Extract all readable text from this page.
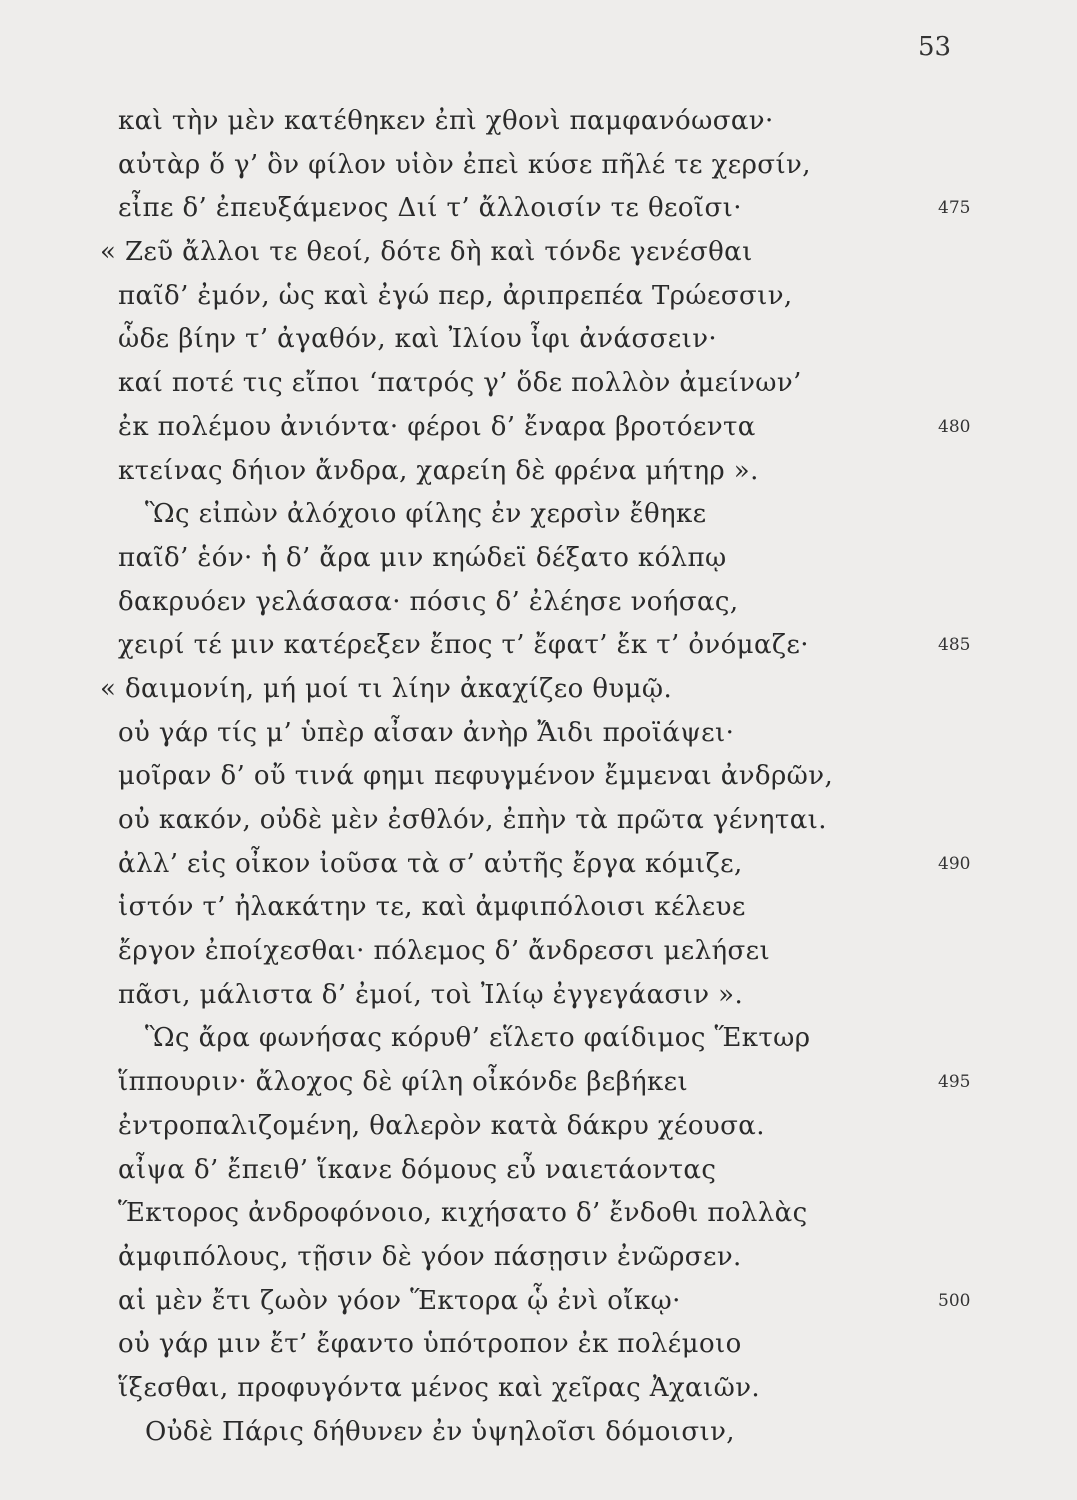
53
καὶ τὴν μὲν κατέθηκεν ἐπὶ χθονὶ παμφανόωσαν·
αὐτὰρ ὅ γ’ ὃν φίλον υἱὸν ἐπεὶ κύσε πῆλέ τε χερσίν,
εἶπε δ’ ἐπευξάμενος Διί τ’ ἄλλοισίν τε θεοῖσι·	475
« Ζεῦ ἄλλοι τε θεοί, δότε δὴ καὶ τόνδε γενέσθαι
παῖδ’ ἐμόν, ὡς καὶ ἐγώ περ, ἀριπρεπέα Τρώεσσιν,
ὧδε βίην τ’ ἀγαθόν, καὶ Ἰλίου ἶφι ἀνάσσειν·
καί ποτέ τις εἴποι ‘πατρός γ’ ὅδε πολλὸν ἀμείνων’
ἐκ πολέμου ἀνιόντα· φέροι δ’ ἔναρα βροτόεντα	480
κτείνας δήιον ἄνδρα, χαρείη δὲ φρένα μήτηρ ».
Ὣς εἰπὼν ἀλόχοιο φίλης ἐν χερσὶν ἔθηκε
παῖδ’ ἑόν· ἡ δ’ ἄρα μιν κηώδεϊ δέξατο κόλπῳ
δακρυόεν γελάσασα· πόσις δ’ ἐλέησε νοήσας,
χειρί τέ μιν κατέρεξεν ἔπος τ’ ἔφατ’ ἔκ τ’ ὀνόμαζε·	485
« δαιμονίη, μή μοί τι λίην ἀκαχίζεο θυμῷ.
οὐ γάρ τίς μ’ ὑπὲρ αἶσαν ἀνὴρ Ἄιδι προϊάψει·
μοῖραν δ’ οὔ τινά φημι πεφυγμένον ἔμμεναι ἀνδρῶν,
οὐ κακόν, οὐδὲ μὲν ἐσθλόν, ἐπὴν τὰ πρῶτα γένηται.
ἀλλ’ εἰς οἶκον ἰοῦσα τὰ σ’ αὐτῆς ἔργα κόμιζε,	490
ἱστόν τ’ ἠλακάτην τε, καὶ ἀμφιπόλοισι κέλευε
ἔργον ἐποίχεσθαι· πόλεμος δ’ ἄνδρεσσι μελήσει
πᾶσι, μάλιστα δ’ ἐμοί, τοὶ Ἰλίῳ ἐγγεγάασιν ».
Ὣς ἄρα φωνήσας κόρυθ’ εἵλετο φαίδιμος Ἕκτωρ
ἵππουριν· ἄλοχος δὲ φίλη οἶκόνδε βεβήκει	495
ἐντροπαλιζομένη, θαλερὸν κατὰ δάκρυ χέουσα.
αἶψα δ’ ἔπειθ’ ἵκανε δόμους εὖ ναιετάοντας
Ἕκτορος ἀνδροφόνοιο, κιχήσατο δ’ ἔνδοθι πολλὰς
ἀμφιπόλους, τῇσιν δὲ γόον πάσῃσιν ἐνῶρσεν.
αἱ μὲν ἔτι ζωὸν γόον Ἕκτορα ᾧ ἐνὶ οἴκῳ·	500
οὐ γάρ μιν ἔτ’ ἔφαντο ὑπότροπον ἐκ πολέμοιο
ἵξεσθαι, προφυγόντα μένος καὶ χεῖρας Ἀχαιῶν.
Οὐδὲ Πάρις δήθυνεν ἐν ὑψηλοῖσι δόμοισιν,
